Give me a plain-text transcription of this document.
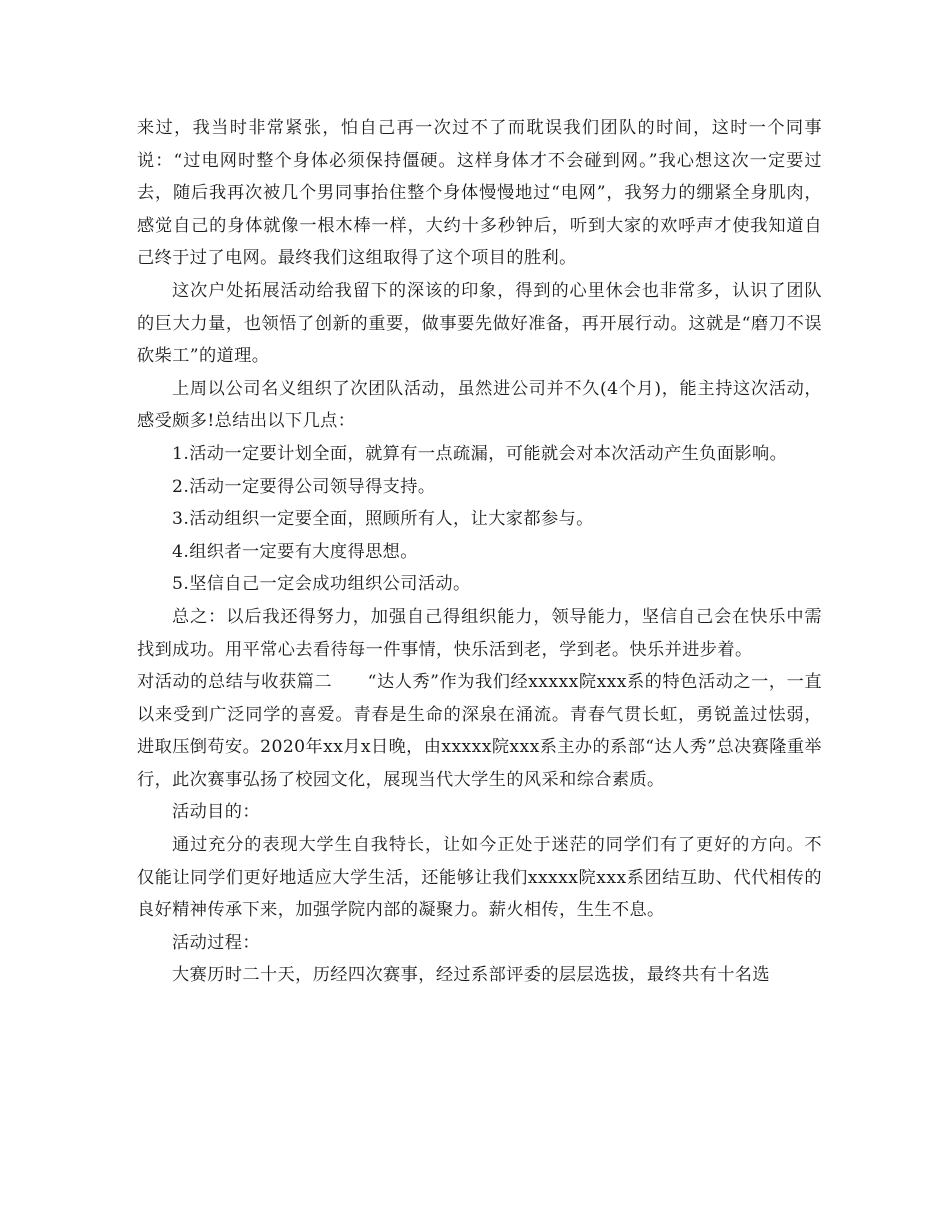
来过，我当时非常紧张，怕自己再一次过不了而耽误我们团队的时间，这时一个同事说：“过电网时整个身体必须保持僵硬。这样身体才不会碰到网。”我心想这次一定要过去，随后我再次被几个男同事抬住整个身体慢慢地过“电网”，我努力的绷紧全身肌肉，感觉自己的身体就像一根木棒一样，大约十多秒钟后，听到大家的欢呼声才使我知道自己终于过了电网。最终我们这组取得了这个项目的胜利。

这次户处拓展活动给我留下的深该的印象，得到的心里休会也非常多，认识了团队的巨大力量，也领悟了创新的重要，做事要先做好准备，再开展行动。这就是“磨刀不误砍柴工”的道理。

上周以公司名义组织了次团队活动，虽然进公司并不久(4个月)，能主持这次活动，感受颇多!总结出以下几点：

1.活动一定要计划全面，就算有一点疏漏，可能就会对本次活动产生负面影响。

2.活动一定要得公司领导得支持。

3.活动组织一定要全面，照顾所有人，让大家都参与。

4.组织者一定要有大度得思想。

5.坚信自己一定会成功组织公司活动。

总之：以后我还得努力，加强自己得组织能力，领导能力，坚信自己会在快乐中需找到成功。用平常心去看待每一件事情，快乐活到老，学到老。快乐并进步着。

对活动的总结与收获篇二　　“达人秀”作为我们经xxxxx院xxx系的特色活动之一，一直以来受到广泛同学的喜爱。青春是生命的深泉在涌流。青春气贯长虹，勇锐盖过怯弱，进取压倒苟安。2020年xx月x日晚，由xxxxx院xxx系主办的系部“达人秀”总决赛隆重举行，此次赛事弘扬了校园文化，展现当代大学生的风采和综合素质。

活动目的：

通过充分的表现大学生自我特长，让如今正处于迷茫的同学们有了更好的方向。不仅能让同学们更好地适应大学生活，还能够让我们xxxxx院xxx系团结互助、代代相传的良好精神传承下来，加强学院内部的凝聚力。薪火相传，生生不息。

活动过程：

大赛历时二十天，历经四次赛事，经过系部评委的层层选拔，最终共有十名选
